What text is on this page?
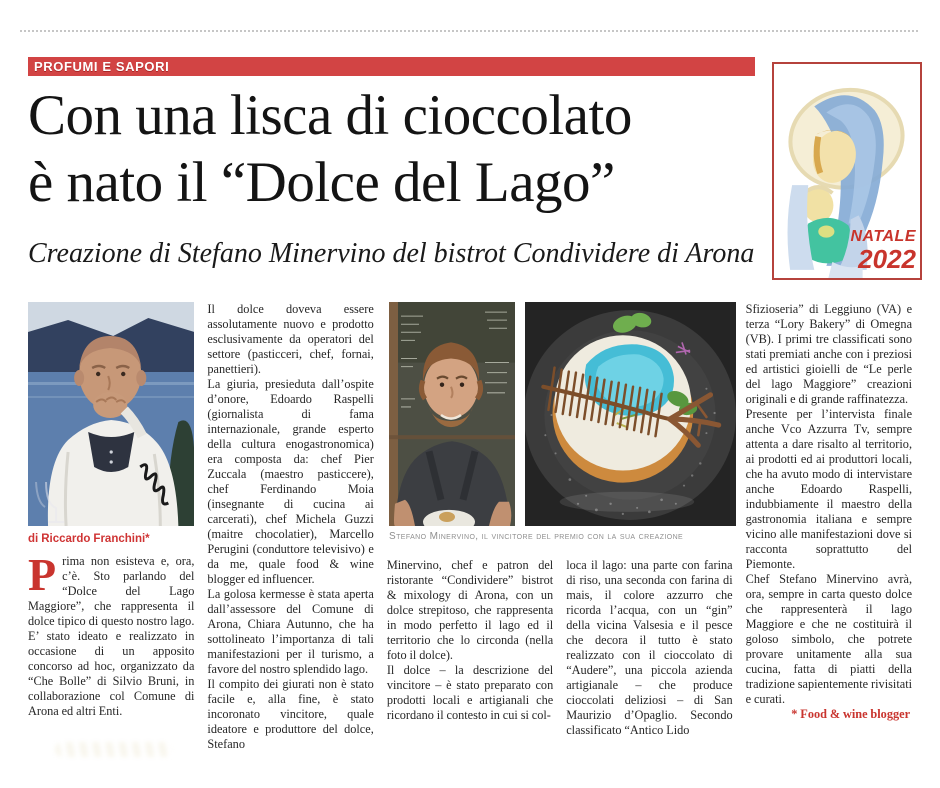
PROFUMI E SAPORI
NATALE
2022
Con una lisca di cioccolato
è nato il “Dolce del Lago”
Creazione di Stefano Minervino del bistrot Condividere di Arona
di Riccardo Franchini*

Prima non esisteva e, ora, c’è. Sto parlando del “Dolce del Lago Maggiore”, che rappresenta il dolce tipico di questo nostro lago. E’ stato ideato e realizzato in occasione di un apposito concorso ad hoc, organizzato da “Che Bolle” di Silvio Bruni, in collaborazione col Comune di Arona ed altri Enti.

Il dolce doveva essere assolutamente nuovo e prodotto esclusivamente da operatori del settore (pasticceri, chef, fornai, panettieri).

La giuria, presieduta dall’ospite d’onore, Edoardo Raspelli (giornalista di fama internazionale, grande esperto della cultura enogastronomica) era composta da: chef Pier Zuccala (maestro pasticcere), chef Ferdinando Moia (insegnante di cucina ai carcerati), chef Michela Guzzi (maitre chocolatier), Marcello Perugini (conduttore televisivo) e da me, quale food & wine blogger ed influencer.

La golosa kermesse è stata aperta dall’assessore del Comune di Arona, Chiara Autunno, che ha sottolineato l’importanza di tali manifestazioni per il turismo, a favore del nostro splendido lago.

Il compito dei giurati non è stato facile e, alla fine, è stato incoronato vincitore, quale ideatore e produttore del dolce, Stefano

Minervino, chef e patron del ristorante “Condividere” bistrot & mixology di Arona, con un dolce strepitoso, che rappresenta in modo perfetto il lago ed il territorio che lo circonda (nella foto il dolce).

Il dolce – la descrizione del vincitore – è stato preparato con prodotti locali e artigianali che ricordano il contesto in cui si col-

loca il lago: una parte con farina di riso, una seconda con farina di mais, il colore azzurro che ricorda l’acqua, con un “gin” della vicina Valsesia e il pesce che decora il tutto è stato realizzato con il cioccolato di “Audere”, una piccola azienda artigianale – che produce cioccolati deliziosi – di San Maurizio d’Opaglio. Secondo classificato “Antico Lido

Sfizioseria” di Leggiuno (VA) e terza “Lory Bakery” di Omegna (VB). I primi tre classificati sono stati premiati anche con i preziosi ed artistici gioielli de “Le perle del lago Maggiore” creazioni originali e di grande raffinatezza.

Presente per l’intervista finale anche Vco Azzurra Tv, sempre attenta a dare risalto al territorio, ai prodotti ed ai produttori locali, che ha avuto modo di intervistare anche Edoardo Raspelli, indubbiamente il maestro della gastronomia italiana e sempre vicino alle manifestazioni dove si racconta soprattutto del Piemonte.

Chef Stefano Minervino avrà, ora, sempre in carta questo dolce che rappresenterà il lago Maggiore e che ne costituirà il goloso simbolo, che potrete provare unitamente alla sua cucina, fatta di piatti della tradizione sapientemente rivisitati e curati.

* Food & wine blogger

Stefano Minervino, il vincitore del premio con la sua creazione
